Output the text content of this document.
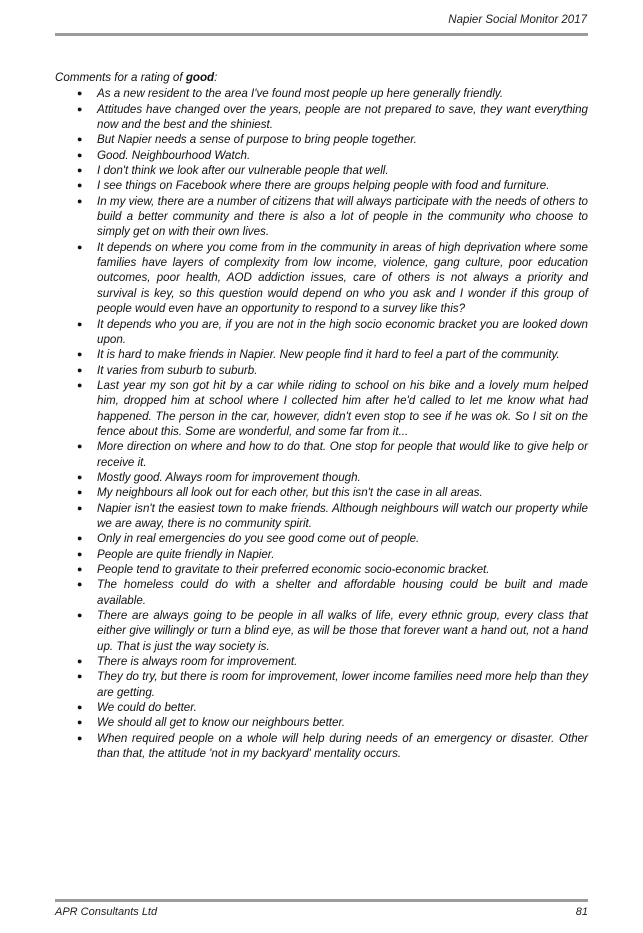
Napier Social Monitor 2017

Comments for a rating of good:

● As a new resident to the area I've found most people up here generally friendly.
● Attitudes have changed over the years, people are not prepared to save, they want everything now and the best and the shiniest.
● But Napier needs a sense of purpose to bring people together.
● Good. Neighbourhood Watch.
● I don't think we look after our vulnerable people that well.
● I see things on Facebook where there are groups helping people with food and furniture.
● In my view, there are a number of citizens that will always participate with the needs of others to build a better community and there is also a lot of people in the community who choose to simply get on with their own lives.
● It depends on where you come from in the community in areas of high deprivation where some families have layers of complexity from low income, violence, gang culture, poor education outcomes, poor health, AOD addiction issues, care of others is not always a priority and survival is key, so this question would depend on who you ask and I wonder if this group of people would even have an opportunity to respond to a survey like this?
● It depends who you are, if you are not in the high socio economic bracket you are looked down upon.
● It is hard to make friends in Napier. New people find it hard to feel a part of the community.
● It varies from suburb to suburb.
● Last year my son got hit by a car while riding to school on his bike and a lovely mum helped him, dropped him at school where I collected him after he'd called to let me know what had happened. The person in the car, however, didn't even stop to see if he was ok. So I sit on the fence about this. Some are wonderful, and some far from it...
● More direction on where and how to do that. One stop for people that would like to give help or receive it.
● Mostly good. Always room for improvement though.
● My neighbours all look out for each other, but this isn't the case in all areas.
● Napier isn't the easiest town to make friends. Although neighbours will watch our property while we are away, there is no community spirit.
● Only in real emergencies do you see good come out of people.
● People are quite friendly in Napier.
● People tend to gravitate to their preferred economic socio-economic bracket.
● The homeless could do with a shelter and affordable housing could be built and made available.
● There are always going to be people in all walks of life, every ethnic group, every class that either give willingly or turn a blind eye, as will be those that forever want a hand out, not a hand up. That is just the way society is.
● There is always room for improvement.
● They do try, but there is room for improvement, lower income families need more help than they are getting.
● We could do better.
● We should all get to know our neighbours better.
● When required people on a whole will help during needs of an emergency or disaster. Other than that, the attitude 'not in my backyard' mentality occurs.
APR Consultants Ltd	81
